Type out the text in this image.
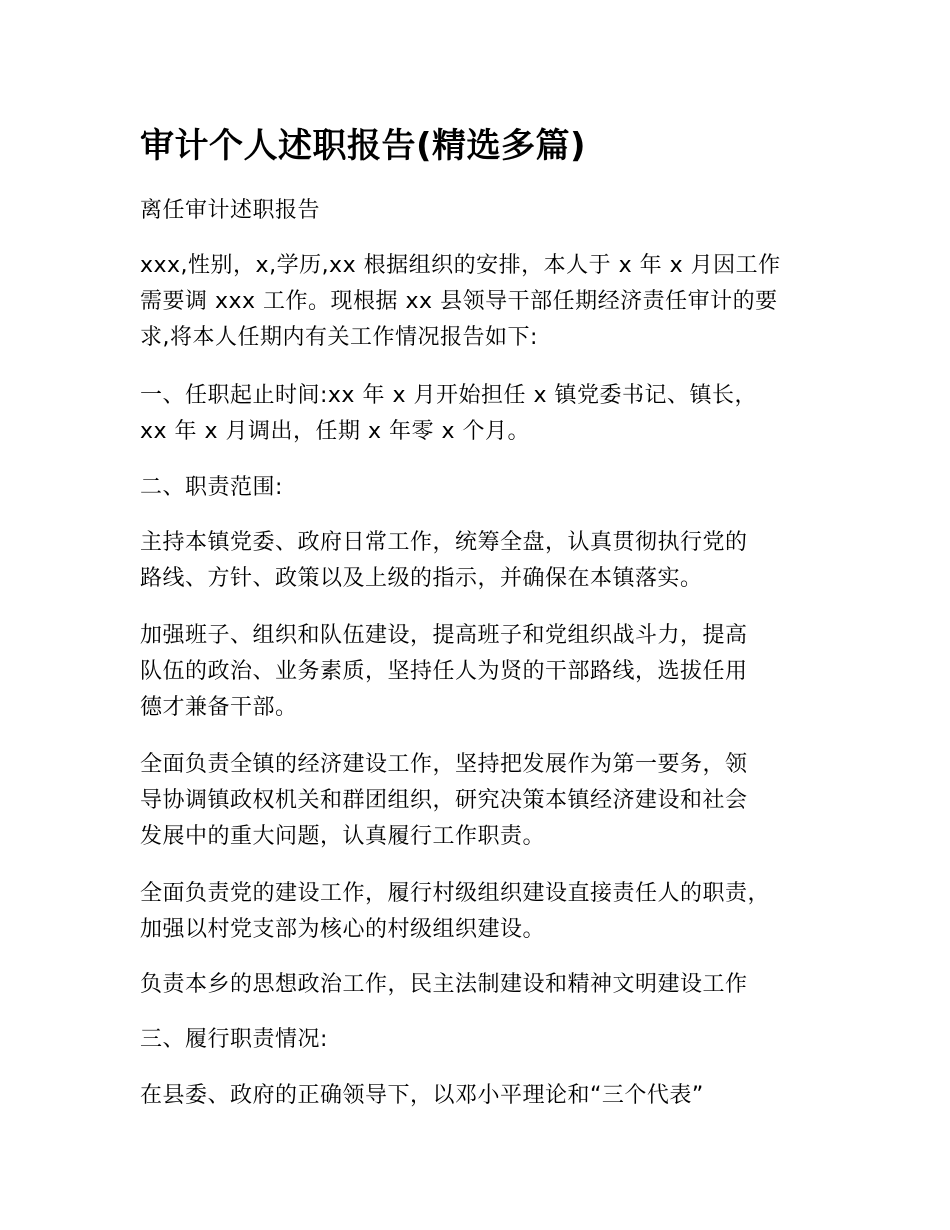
审计个人述职报告(精选多篇)
离任审计述职报告
xxx,性别，x,学历,xx 根据组织的安排，本人于 x 年 x 月因工作
需要调 xxx 工作。现根据 xx 县领导干部任期经济责任审计的要
求,将本人任期内有关工作情况报告如下:
一、任职起止时间:xx 年 x 月开始担任 x 镇党委书记、镇长，
xx 年 x 月调出，任期 x 年零 x 个月。
二、职责范围:
主持本镇党委、政府日常工作，统筹全盘，认真贯彻执行党的
路线、方针、政策以及上级的指示，并确保在本镇落实。
加强班子、组织和队伍建设，提高班子和党组织战斗力，提高
队伍的政治、业务素质，坚持任人为贤的干部路线，选拔任用
德才兼备干部。
全面负责全镇的经济建设工作，坚持把发展作为第一要务，领
导协调镇政权机关和群团组织，研究决策本镇经济建设和社会
发展中的重大问题，认真履行工作职责。
全面负责党的建设工作，履行村级组织建设直接责任人的职责，
加强以村党支部为核心的村级组织建设。
负责本乡的思想政治工作，民主法制建设和精神文明建设工作
三、履行职责情况:
在县委、政府的正确领导下，以邓小平理论和“三个代表”
